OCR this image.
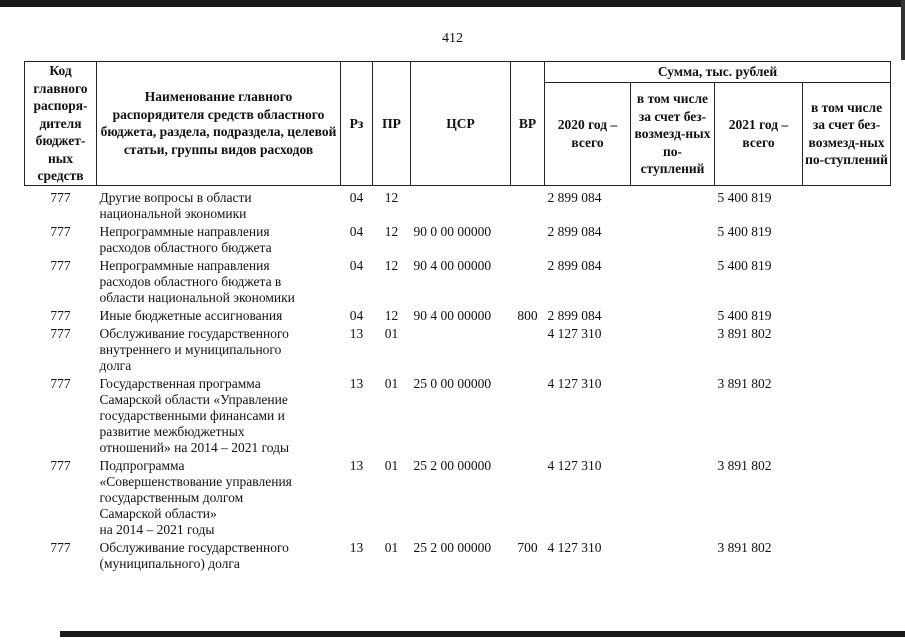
412
Код главного распоря-дителя бюджет-ных средств	Наименование главного распорядителя средств областного бюджета, раздела, подраздела, целевой статьи, группы видов расходов	Рз	ПР	ЦСР	ВР	Сумма, тыс. рублей			
						2020 год – всего	в том числе за счет без-возмезд-ных по-ступлений	2021 год – всего	в том числе за счет без-возмезд-ных по-ступлений
777	Другие вопросы в области
национальной экономики	04	12			2 899 084		5 400 819	
777	Непрограммные направления
расходов областного бюджета	04	12	90 0 00 00000		2 899 084		5 400 819	
777	Непрограммные направления
расходов областного бюджета в
области национальной экономики	04	12	90 4 00 00000		2 899 084		5 400 819	
777	Иные бюджетные ассигнования	04	12	90 4 00 00000	800	2 899 084		5 400 819	
777	Обслуживание государственного
внутреннего и муниципального
долга	13	01			4 127 310		3 891 802	
777	Государственная программа
Самарской области «Управление
государственными финансами и
развитие межбюджетных
отношений» на 2014 – 2021 годы	13	01	25 0 00 00000		4 127 310		3 891 802	
777	Подпрограмма
«Совершенствование управления
государственным долгом
Самарской области»
на 2014 – 2021 годы	13	01	25 2 00 00000		4 127 310		3 891 802	
777	Обслуживание государственного
(муниципального) долга	13	01	25 2 00 00000	700	4 127 310		3 891 802	
